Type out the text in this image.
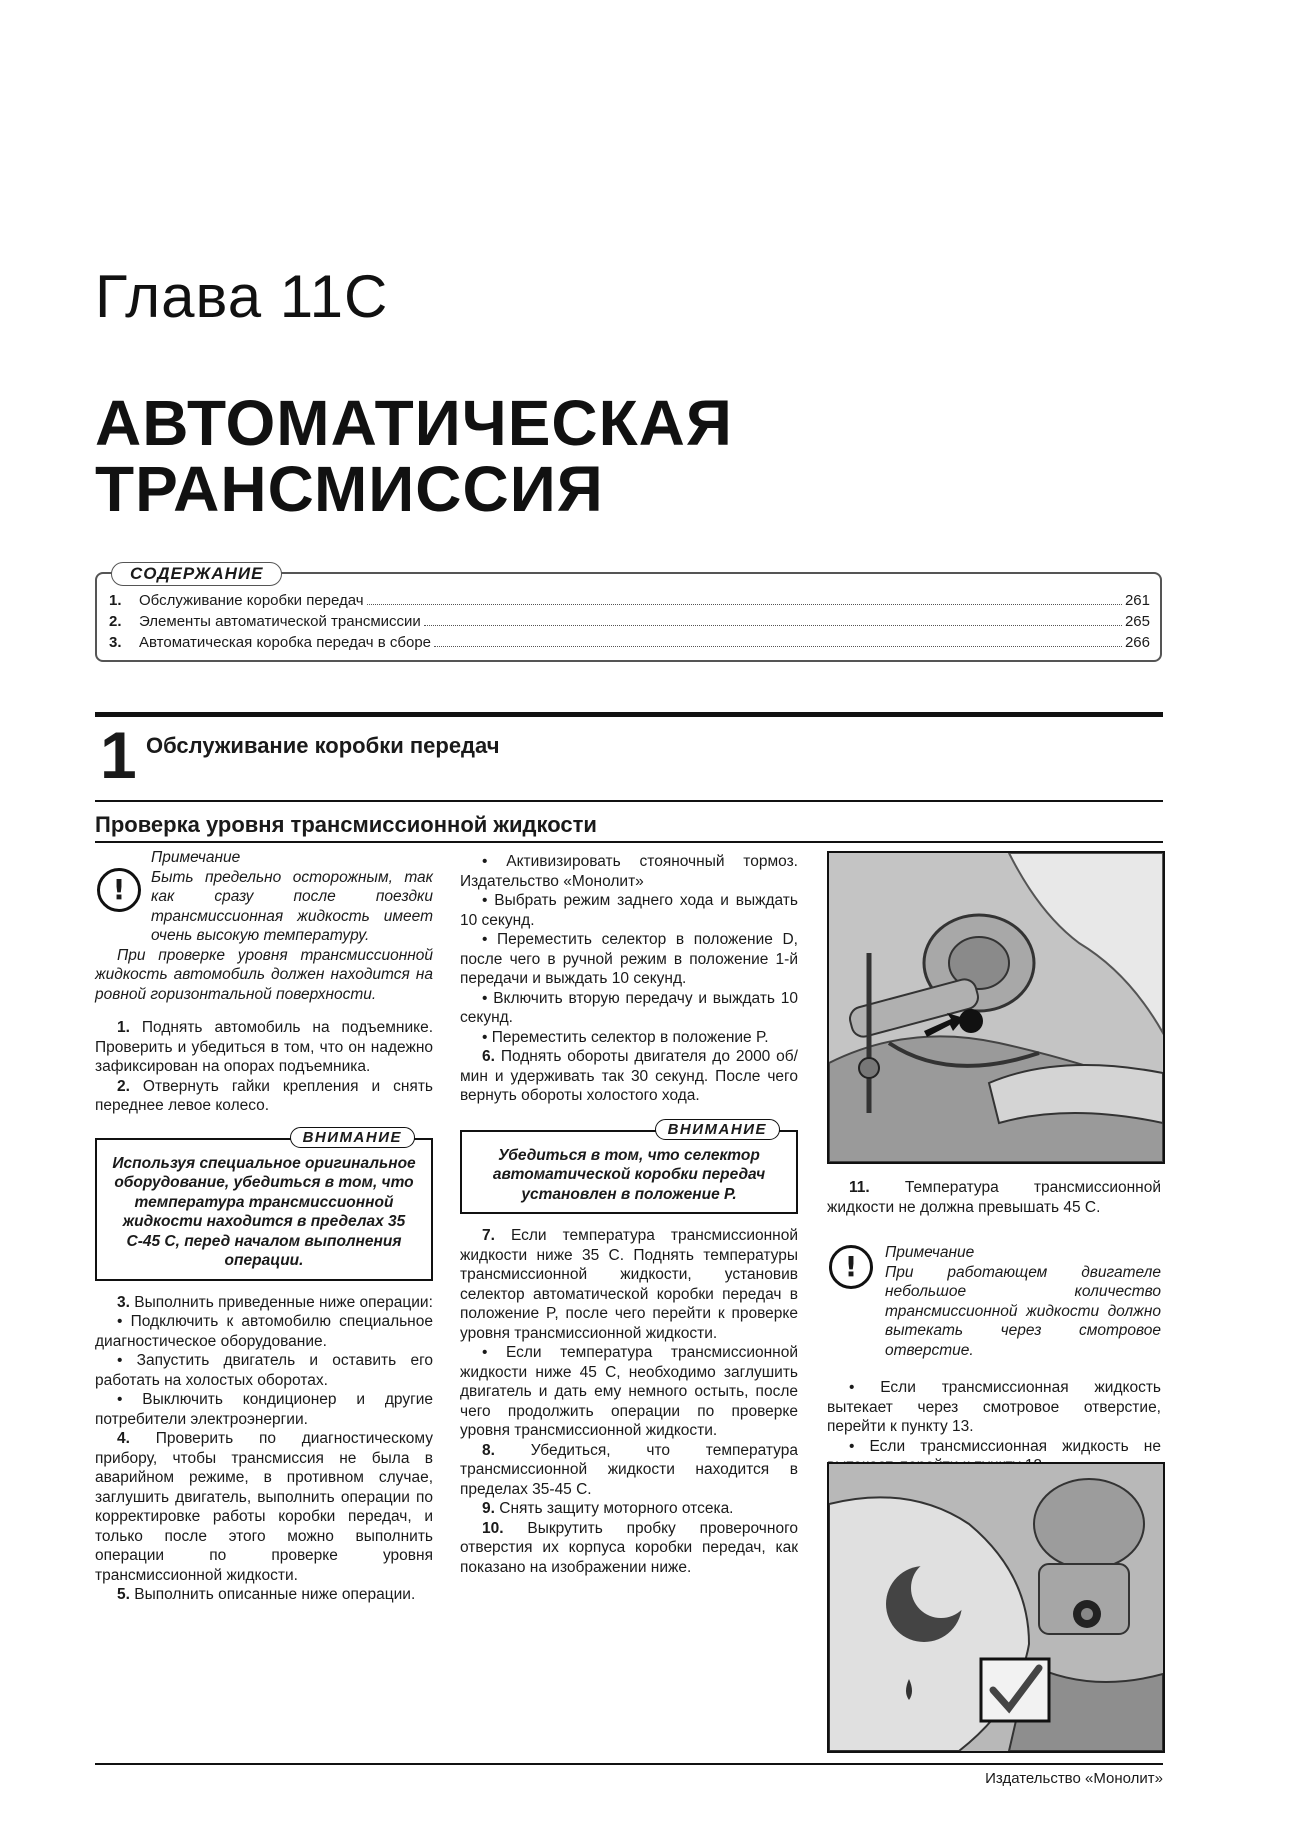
Глава 11С
АВТОМАТИЧЕСКАЯ
ТРАНСМИССИЯ
СОДЕРЖАНИЕ
1.	Обслуживание коробки передач	261
2.	Элементы автоматической трансмиссии	265
3.	Автоматическая коробка передач в сборе	266
1 Обслуживание коробки передач
Проверка уровня трансмиссионной жидкости
!

Примечание

Быть предельно осторожным, так как сразу после поездки трансмиссионная жидкость имеет очень высокую температуру.

При проверке уровня трансмиссионной жидкость автомобиль должен находится на ровной горизонтальной поверхности.

1. Поднять автомобиль на подъемнике. Проверить и убедиться в том, что он надежно зафиксирован на опорах подъемника.

2. Отвернуть гайки крепления и снять переднее левое колесо.

ВНИМАНИЕ
Используя специальное оригинальное оборудование, убедиться в том, что температура трансмиссионной жидкости находится в пределах 35 С-45 С, перед началом выполнения операции.

3. Выполнить приведенные ниже операции:

• Подключить к автомобилю специальное диагностическое оборудование.

• Запустить двигатель и оставить его работать на холостых оборотах.

• Выключить кондиционер и другие потребители электроэнергии.

4. Проверить по диагностическому прибору, чтобы трансмиссия не была в аварийном режиме, в противном случае, заглушить двигатель, выполнить операции по корректировке работы коробки передач, и только после этого можно выполнить операции по проверке уровня трансмиссионной жидкости.

5. Выполнить описанные ниже операции.

• Активизировать стояночный тормоз. Издательство «Монолит»

• Выбрать режим заднего хода и выждать 10 секунд.

• Переместить селектор в положение D, после чего в ручной режим в положение 1-й передачи и выждать 10 секунд.

• Включить вторую передачу и выждать 10 секунд.

• Переместить селектор в положение P.

6. Поднять обороты двигателя до 2000 об/мин и удерживать так 30 секунд. После чего вернуть обороты холостого хода.

ВНИМАНИЕ
Убедиться в том, что селектор автоматической коробки передач установлен в положение P.

7. Если температура трансмиссионной жидкости ниже 35 С. Поднять температуры трансмиссионной жидкости, установив селектор автоматической коробки передач в положение P, после чего перейти к проверке уровня трансмиссионной жидкости.

• Если температура трансмиссионной жидкости ниже 45 С, необходимо заглушить двигатель и дать ему немного остыть, после чего продолжить операции по проверке уровня трансмиссионной жидкости.

8. Убедиться, что температура трансмиссионной жидкости находится в пределах 35-45 С.

9. Снять защиту моторного отсека.

10. Выкрутить пробку проверочного отверстия их корпуса коробки передач, как показано на изображении ниже.

11. Температура трансмиссионной жидкости не должна превышать 45 С.

!	Примечание

При работающем двигателе небольшое количество трансмиссионной жидкости должно вытекать через смотровое отверстие.

• Если трансмиссионная жидкость вытекает через смотровое отверстие, перейти к пункту 13.

• Если трансмиссионная жидкость не

Издательство «Монолит»
